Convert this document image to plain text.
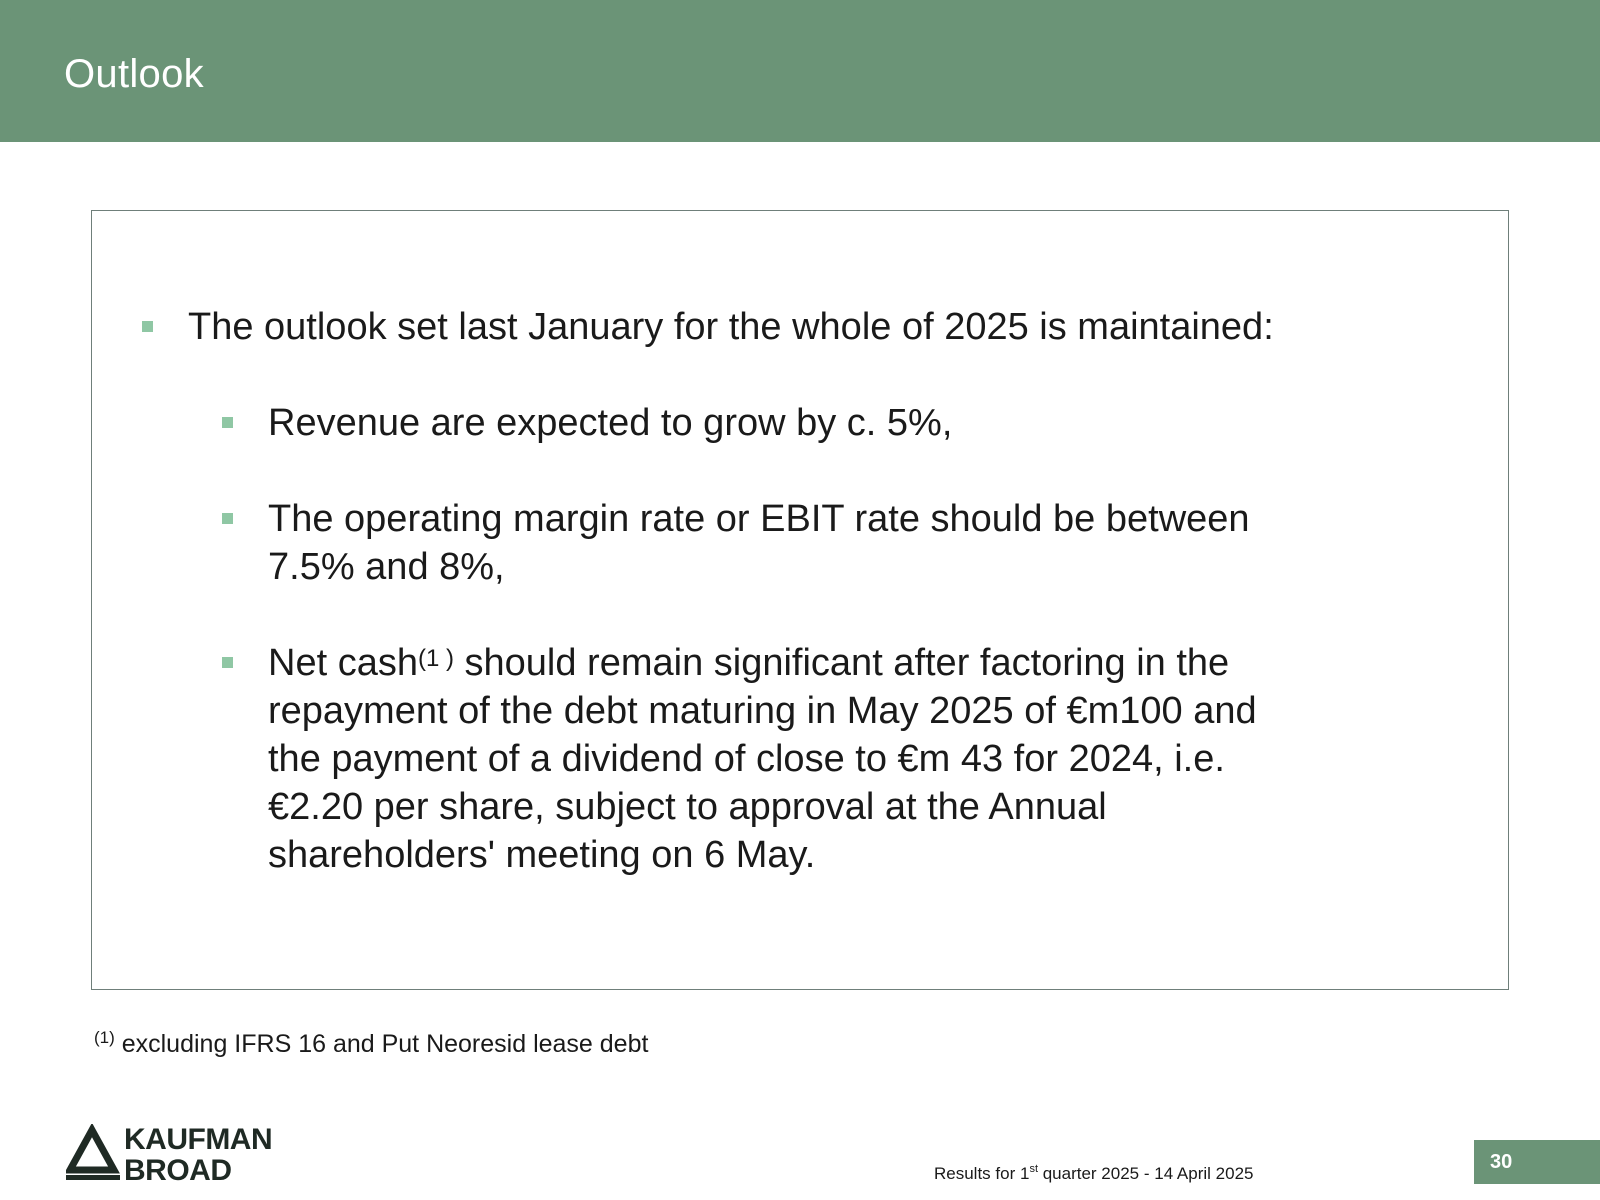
Outlook
The outlook set last January for the whole of 2025 is maintained:
Revenue are expected to grow by c. 5%,
The operating margin rate or EBIT rate should be between
7.5% and 8%,
Net cash$^{(1 )}$ should remain significant after factoring in the
repayment of the debt maturing in May 2025 of €m100 and
the payment of a dividend of close to €m 43 for 2024, i.e.
€2.20 per share, subject to approval at the Annual
shareholders' meeting on 6 May.
$^{(1)}$ excluding IFRS 16 and Put Neoresid lease debt
KAUFMAN
BROAD	Results for 1st quarter 2025 - 14 April 2025
30
